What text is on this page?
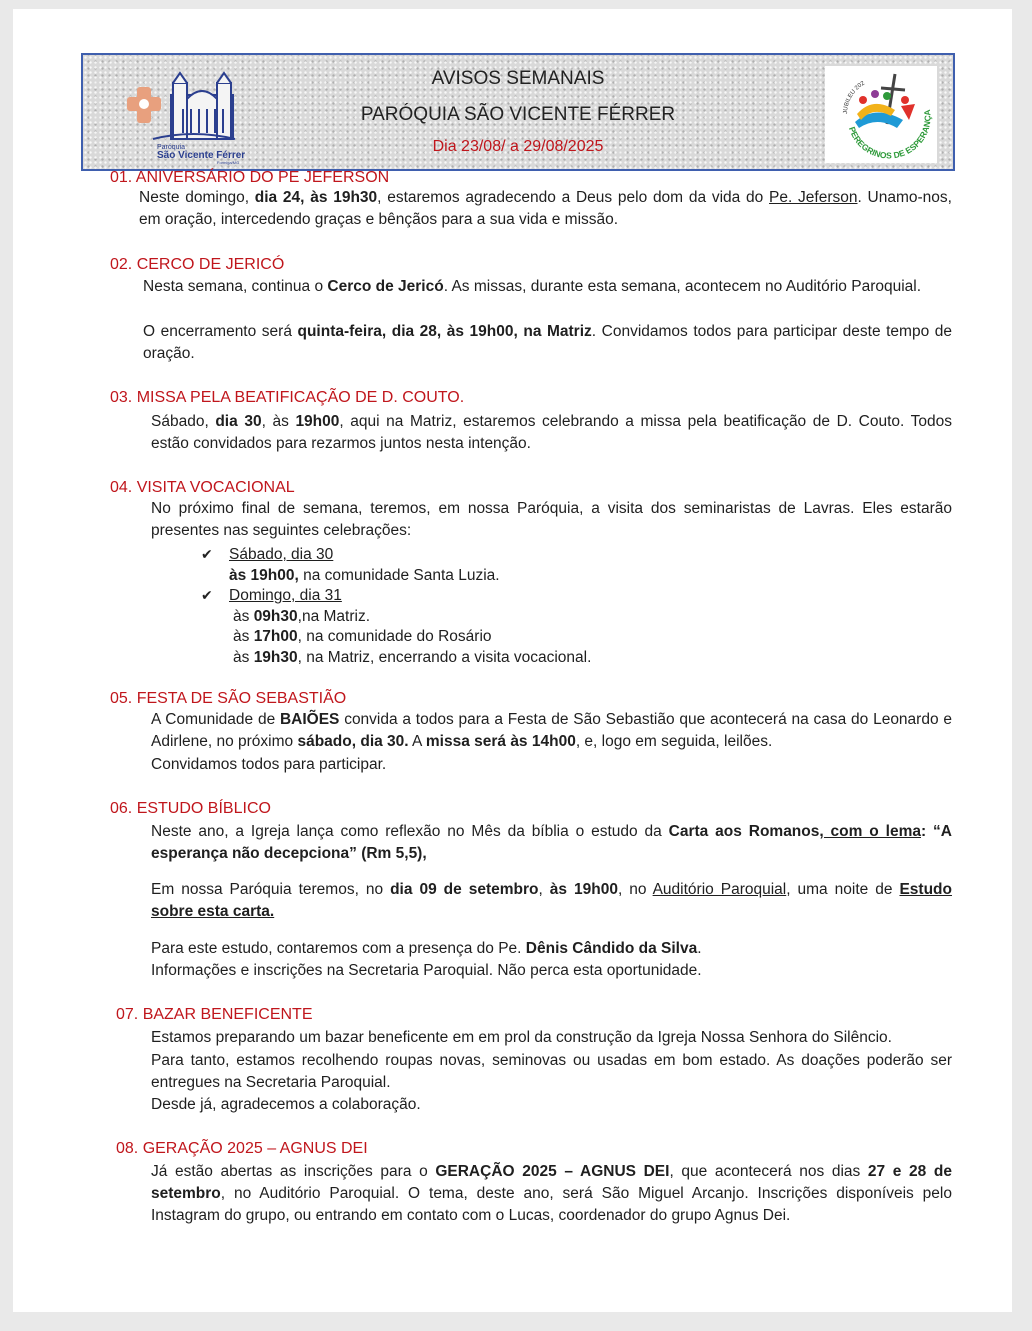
Paróquia
São Vicente Férrer
Formiga/MG
AVISOS SEMANAIS
PARÓQUIA SÃO VICENTE FÉRRER
Dia 23/08/ a 29/08/2025
JUBILEU 202
PEREGRINOS DE ESPERANÇA
01. ANIVERSÁRIO DO PE JEFERSON
Neste domingo, dia 24, às 19h30, estaremos agradecendo a Deus pelo dom da vida do Pe. Jeferson. Unamo-nos, em oração, intercedendo graças e bênçãos para a sua vida e missão.
02. CERCO DE JERICÓ
Nesta semana, continua o Cerco de Jericó. As missas, durante esta semana, acontecem no Auditório Paroquial.
O encerramento será quinta-feira, dia 28, às 19h00, na Matriz. Convidamos todos para participar deste tempo de oração.
03. MISSA PELA BEATIFICAÇÃO DE D. COUTO.
Sábado, dia 30, às 19h00, aqui na Matriz, estaremos celebrando a missa pela beatificação de D. Couto. Todos estão convidados para rezarmos juntos nesta intenção.
04. VISITA VOCACIONAL
No próximo final de semana, teremos, em nossa Paróquia, a visita dos seminaristas de Lavras. Eles estarão presentes nas seguintes celebrações:
✔ Sábado, dia 30
às 19h00, na comunidade Santa Luzia.
✔ Domingo, dia 31
às 09h30,na Matriz.
às 17h00, na comunidade do Rosário
às 19h30, na Matriz, encerrando a visita vocacional.
05. FESTA DE SÃO SEBASTIÃO
A Comunidade de BAIÕES convida a todos para a Festa de São Sebastião que acontecerá na casa do Leonardo e Adirlene, no próximo sábado, dia 30. A missa será às 14h00, e, logo em seguida, leilões.
Convidamos todos para participar.
06. ESTUDO BÍBLICO
Neste ano, a Igreja lança como reflexão no Mês da bíblia o estudo da Carta aos Romanos, com o lema: “A esperança não decepciona” (Rm 5,5),
Em nossa Paróquia teremos, no dia 09 de setembro, às 19h00, no Auditório Paroquial, uma noite de Estudo sobre esta carta.
Para este estudo, contaremos com a presença do Pe. Dênis Cândido da Silva.
Informações e inscrições na Secretaria Paroquial. Não perca esta oportunidade.
07. BAZAR BENEFICENTE
Estamos preparando um bazar beneficente em em prol da construção da Igreja Nossa Senhora do Silêncio.
Para tanto, estamos recolhendo roupas novas, seminovas ou usadas em bom estado. As doações poderão ser entregues na Secretaria Paroquial.
Desde já, agradecemos a colaboração.
08. GERAÇÃO 2025 – AGNUS DEI
Já estão abertas as inscrições para o GERAÇÃO 2025 – AGNUS DEI, que acontecerá nos dias 27 e 28 de setembro, no Auditório Paroquial. O tema, deste ano, será São Miguel Arcanjo. Inscrições disponíveis pelo Instagram do grupo, ou entrando em contato com o Lucas, coordenador do grupo Agnus Dei.
